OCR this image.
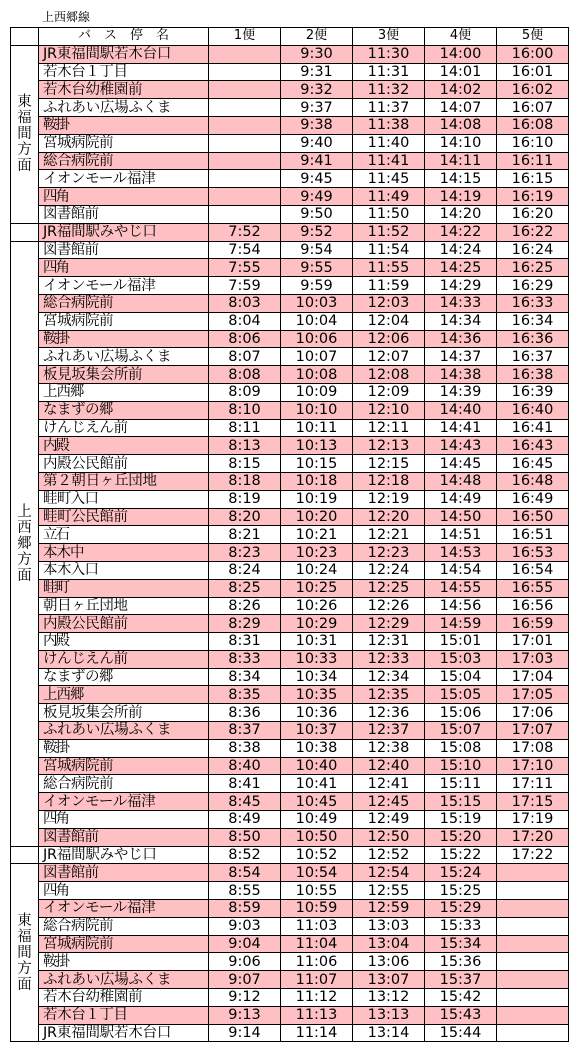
上西郷線
	バ　ス　停　名	1便	2便	3便	4便	5便

東
福
間
方
面	JR東福間駅若木台口		9:30	11:30	14:00	16:00

	若木台１丁目		9:31	11:31	14:01	16:01

	若木台幼稚園前		9:32	11:32	14:02	16:02

	ふれあい広場ふくま		9:37	11:37	14:07	16:07

	鞍掛		9:38	11:38	14:08	16:08

	宮城病院前		9:40	11:40	14:10	16:10

	総合病院前		9:41	11:41	14:11	16:11

	イオンモール福津		9:45	11:45	14:15	16:15

	四角		9:49	11:49	14:19	16:19

	図書館前		9:50	11:50	14:20	16:20

	JR福間駅みやじ口	7:52	9:52	11:52	14:22	16:22

上
西
郷
方
面	図書館前	7:54	9:54	11:54	14:24	16:24

	四角	7:55	9:55	11:55	14:25	16:25

	イオンモール福津	7:59	9:59	11:59	14:29	16:29

	総合病院前	8:03	10:03	12:03	14:33	16:33

	宮城病院前	8:04	10:04	12:04	14:34	16:34

	鞍掛	8:06	10:06	12:06	14:36	16:36

	ふれあい広場ふくま	8:07	10:07	12:07	14:37	16:37

	板見坂集会所前	8:08	10:08	12:08	14:38	16:38

	上西郷	8:09	10:09	12:09	14:39	16:39

	なまずの郷	8:10	10:10	12:10	14:40	16:40

	けんじえん前	8:11	10:11	12:11	14:41	16:41

	内殿	8:13	10:13	12:13	14:43	16:43

	内殿公民館前	8:15	10:15	12:15	14:45	16:45

	第２朝日ヶ丘団地	8:18	10:18	12:18	14:48	16:48

	畦町入口	8:19	10:19	12:19	14:49	16:49

	畦町公民館前	8:20	10:20	12:20	14:50	16:50

	立石	8:21	10:21	12:21	14:51	16:51

	本木中	8:23	10:23	12:23	14:53	16:53

	本木入口	8:24	10:24	12:24	14:54	16:54

	畦町	8:25	10:25	12:25	14:55	16:55

	朝日ヶ丘団地	8:26	10:26	12:26	14:56	16:56

	内殿公民館前	8:29	10:29	12:29	14:59	16:59

	内殿	8:31	10:31	12:31	15:01	17:01

	けんじえん前	8:33	10:33	12:33	15:03	17:03

	なまずの郷	8:34	10:34	12:34	15:04	17:04

	上西郷	8:35	10:35	12:35	15:05	17:05

	板見坂集会所前	8:36	10:36	12:36	15:06	17:06

	ふれあい広場ふくま	8:37	10:37	12:37	15:07	17:07

	鞍掛	8:38	10:38	12:38	15:08	17:08

	宮城病院前	8:40	10:40	12:40	15:10	17:10

	総合病院前	8:41	10:41	12:41	15:11	17:11

	イオンモール福津	8:45	10:45	12:45	15:15	17:15

	四角	8:49	10:49	12:49	15:19	17:19

	図書館前	8:50	10:50	12:50	15:20	17:20

	JR福間駅みやじ口	8:52	10:52	12:52	15:22	17:22

東
福
間
方
面	図書館前	8:54	10:54	12:54	15:24	

	四角	8:55	10:55	12:55	15:25	

	イオンモール福津	8:59	10:59	12:59	15:29	

	総合病院前	9:03	11:03	13:03	15:33	

	宮城病院前	9:04	11:04	13:04	15:34	

	鞍掛	9:06	11:06	13:06	15:36	

	ふれあい広場ふくま	9:07	11:07	13:07	15:37	

	若木台幼稚園前	9:12	11:12	13:12	15:42	

	若木台１丁目	9:13	11:13	13:13	15:43	

	JR東福間駅若木台口	9:14	11:14	13:14	15:44	
